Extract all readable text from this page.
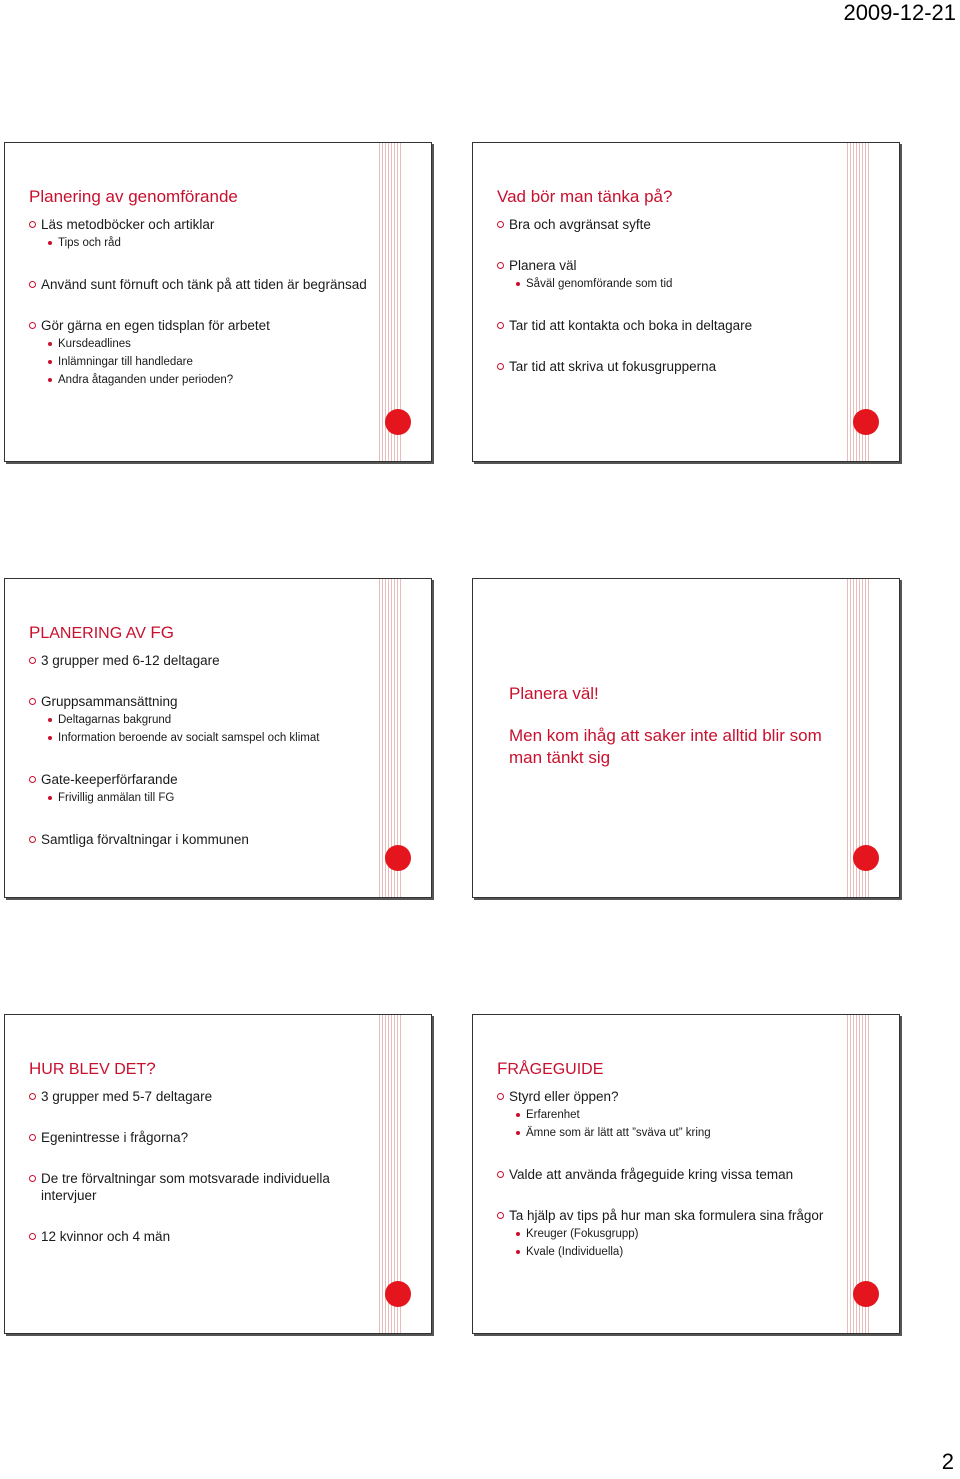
2009-12-21
Planering av genomförande
Läs metodböcker och artiklar
Tips och råd
Använd sunt förnuft och tänk på att tiden är begränsad
Gör gärna en egen tidsplan för arbetet
Kursdeadlines
Inlämningar till handledare
Andra åtaganden under perioden?
Vad bör man tänka på?
Bra och avgränsat syfte
Planera väl
Såväl genomförande som tid
Tar tid att kontakta och boka in deltagare
Tar tid att skriva ut fokusgrupperna
PLANERING AV FG
3 grupper med 6-12 deltagare
Gruppsammansättning
Deltagarnas bakgrund
Information beroende av socialt samspel och klimat
Gate-keeperförfarande
Frivillig anmälan till FG
Samtliga förvaltningar i kommunen

Planera väl!

Men kom ihåg att saker inte alltid blir som man tänkt sig

HUR BLEV DET?
3 grupper med 5-7 deltagare
Egenintresse i frågorna?
De tre förvaltningar som motsvarade individuella intervjuer
12 kvinnor och 4 män
FRÅGEGUIDE
Styrd eller öppen?
Erfarenhet
Ämne som är lätt att ”sväva ut” kring
Valde att använda frågeguide kring vissa teman
Ta hjälp av tips på hur man ska formulera sina frågor
Kreuger (Fokusgrupp)
Kvale (Individuella)
2
